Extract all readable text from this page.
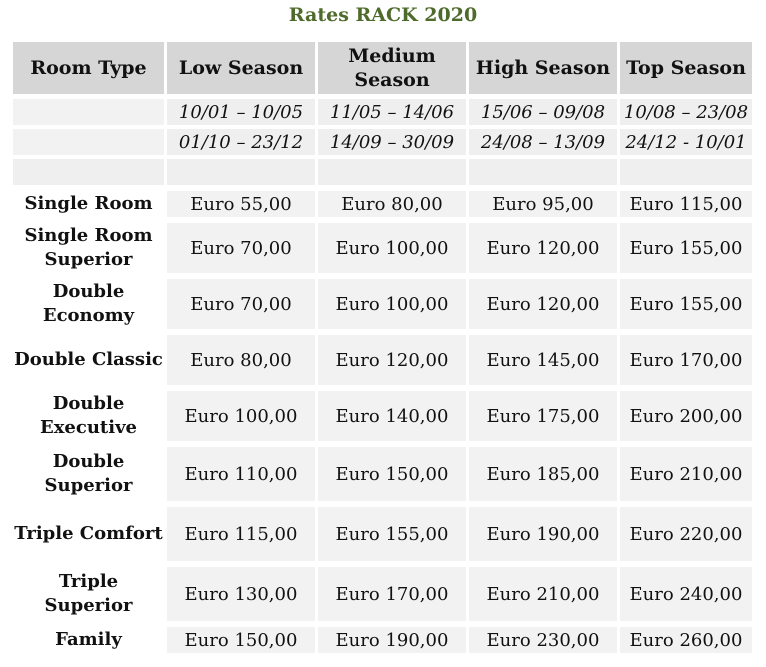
Rates RACK 2020
Room Type	Low Season	Medium Season	High Season	Top Season

	10/01 – 10/05	11/05 – 14/06	15/06 – 09/08	10/08 – 23/08

	01/10 – 23/12	14/09 – 30/09	24/08 – 13/09	24/12 - 10/01

Single Room	Euro 55,00	Euro 80,00	Euro 95,00	Euro 115,00

Single Room Superior	Euro 70,00	Euro 100,00	Euro 120,00	Euro 155,00

Double Economy	Euro 70,00	Euro 100,00	Euro 120,00	Euro 155,00

Double Classic	Euro 80,00	Euro 120,00	Euro 145,00	Euro 170,00

Double Executive	Euro 100,00	Euro 140,00	Euro 175,00	Euro 200,00

Double Superior	Euro 110,00	Euro 150,00	Euro 185,00	Euro 210,00

Triple Comfort	Euro 115,00	Euro 155,00	Euro 190,00	Euro 220,00

Triple Superior	Euro 130,00	Euro 170,00	Euro 210,00	Euro 240,00

Family	Euro 150,00	Euro 190,00	Euro 230,00	Euro 260,00
